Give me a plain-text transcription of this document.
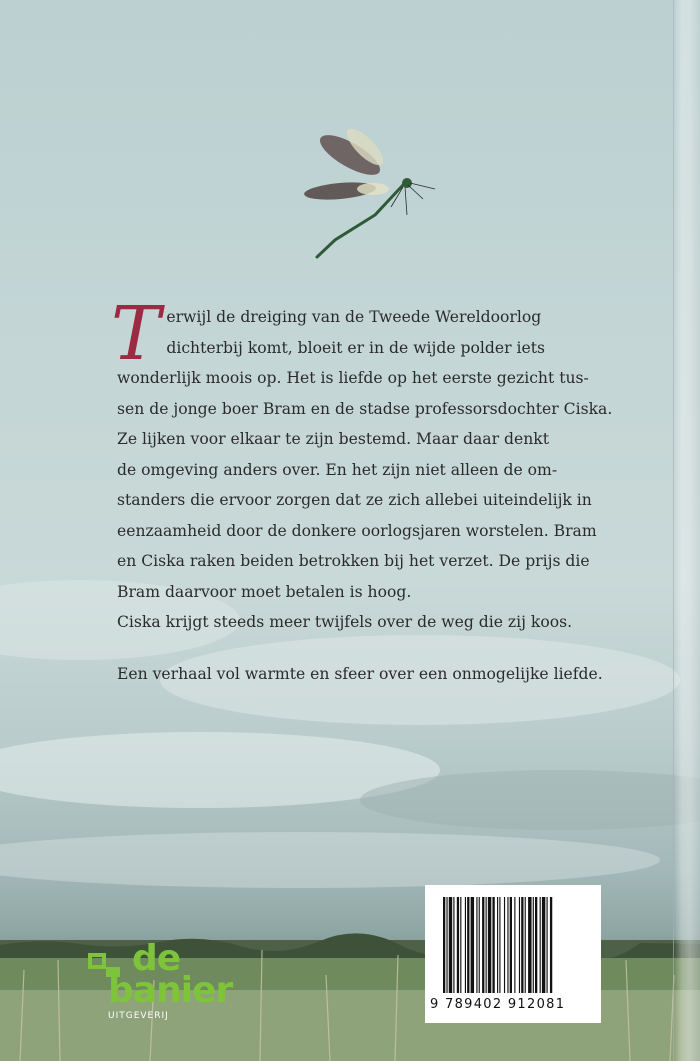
T erwijl de dreiging van de Tweede Wereldoorlog

dichterbij komt, bloeit er in de wijde polder iets

wonderlijk moois op. Het is liefde op het eerste gezicht tus-

sen de jonge boer Bram en de stadse professorsdochter Ciska.

Ze lijken voor elkaar te zijn bestemd. Maar daar denkt

de omgeving anders over. En het zijn niet alleen de om-

standers die ervoor zorgen dat ze zich allebei uiteindelijk in

eenzaamheid door de donkere oorlogsjaren worstelen. Bram

en Ciska raken beiden betrokken bij het verzet. De prijs die

Bram daarvoor moet betalen is hoog.

Ciska krijgt steeds meer twijfels over de weg die zij koos.

Een verhaal vol warmte en sfeer over een onmogelijke liefde.
de
banier
UITGEVERIJ
9 789402 912081
